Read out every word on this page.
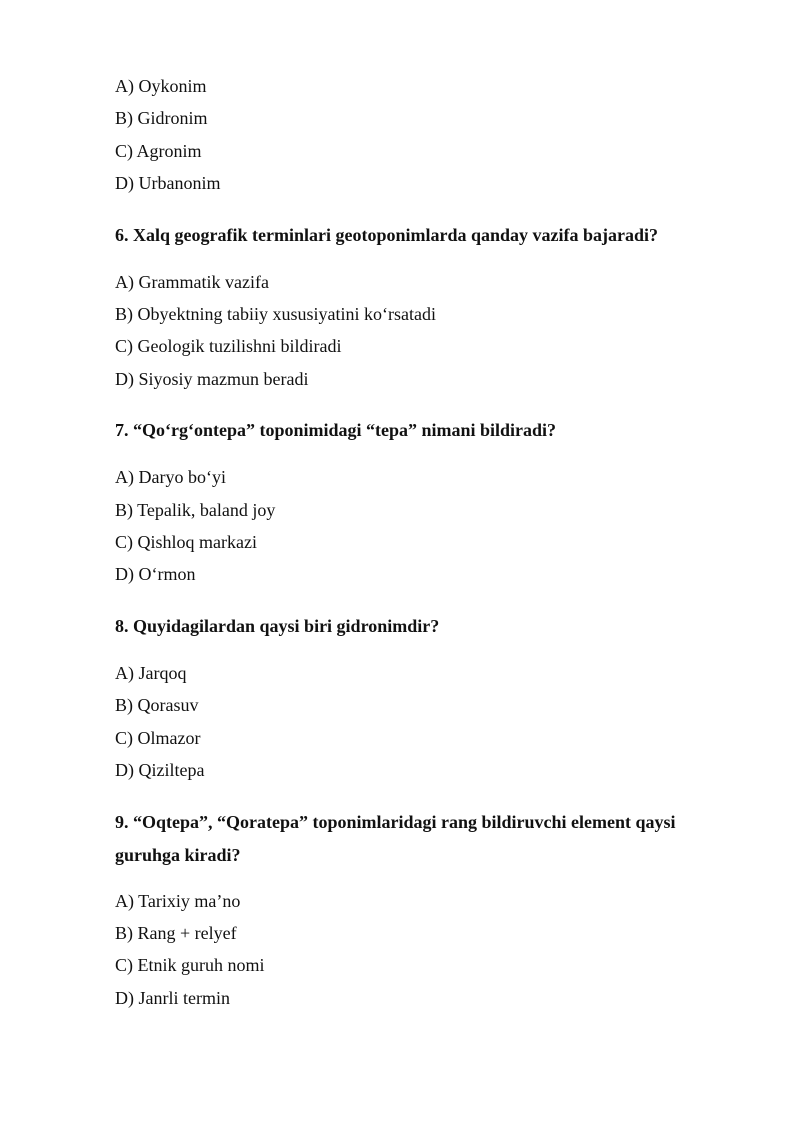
A) Oykonim

B) Gidronim

C) Agronim

D) Urbanonim

6. Xalq geografik terminlari geotoponimlarda qanday vazifa bajaradi?

A) Grammatik vazifa

B) Obyektning tabiiy xususiyatini ko‘rsatadi

C) Geologik tuzilishni bildiradi

D) Siyosiy mazmun beradi

7. “Qo‘rg‘ontepa” toponimidagi “tepa” nimani bildiradi?

A) Daryo bo‘yi

B) Tepalik, baland joy

C) Qishloq markazi

D) O‘rmon

8. Quyidagilardan qaysi biri gidronimdir?

A) Jarqoq

B) Qorasuv

C) Olmazor

D) Qiziltepa

9. “Oqtepa”, “Qoratepa” toponimlaridagi rang bildiruvchi element qaysi guruhga kiradi?

A) Tarixiy ma’no

B) Rang + relyef

C) Etnik guruh nomi

D) Janrli termin
